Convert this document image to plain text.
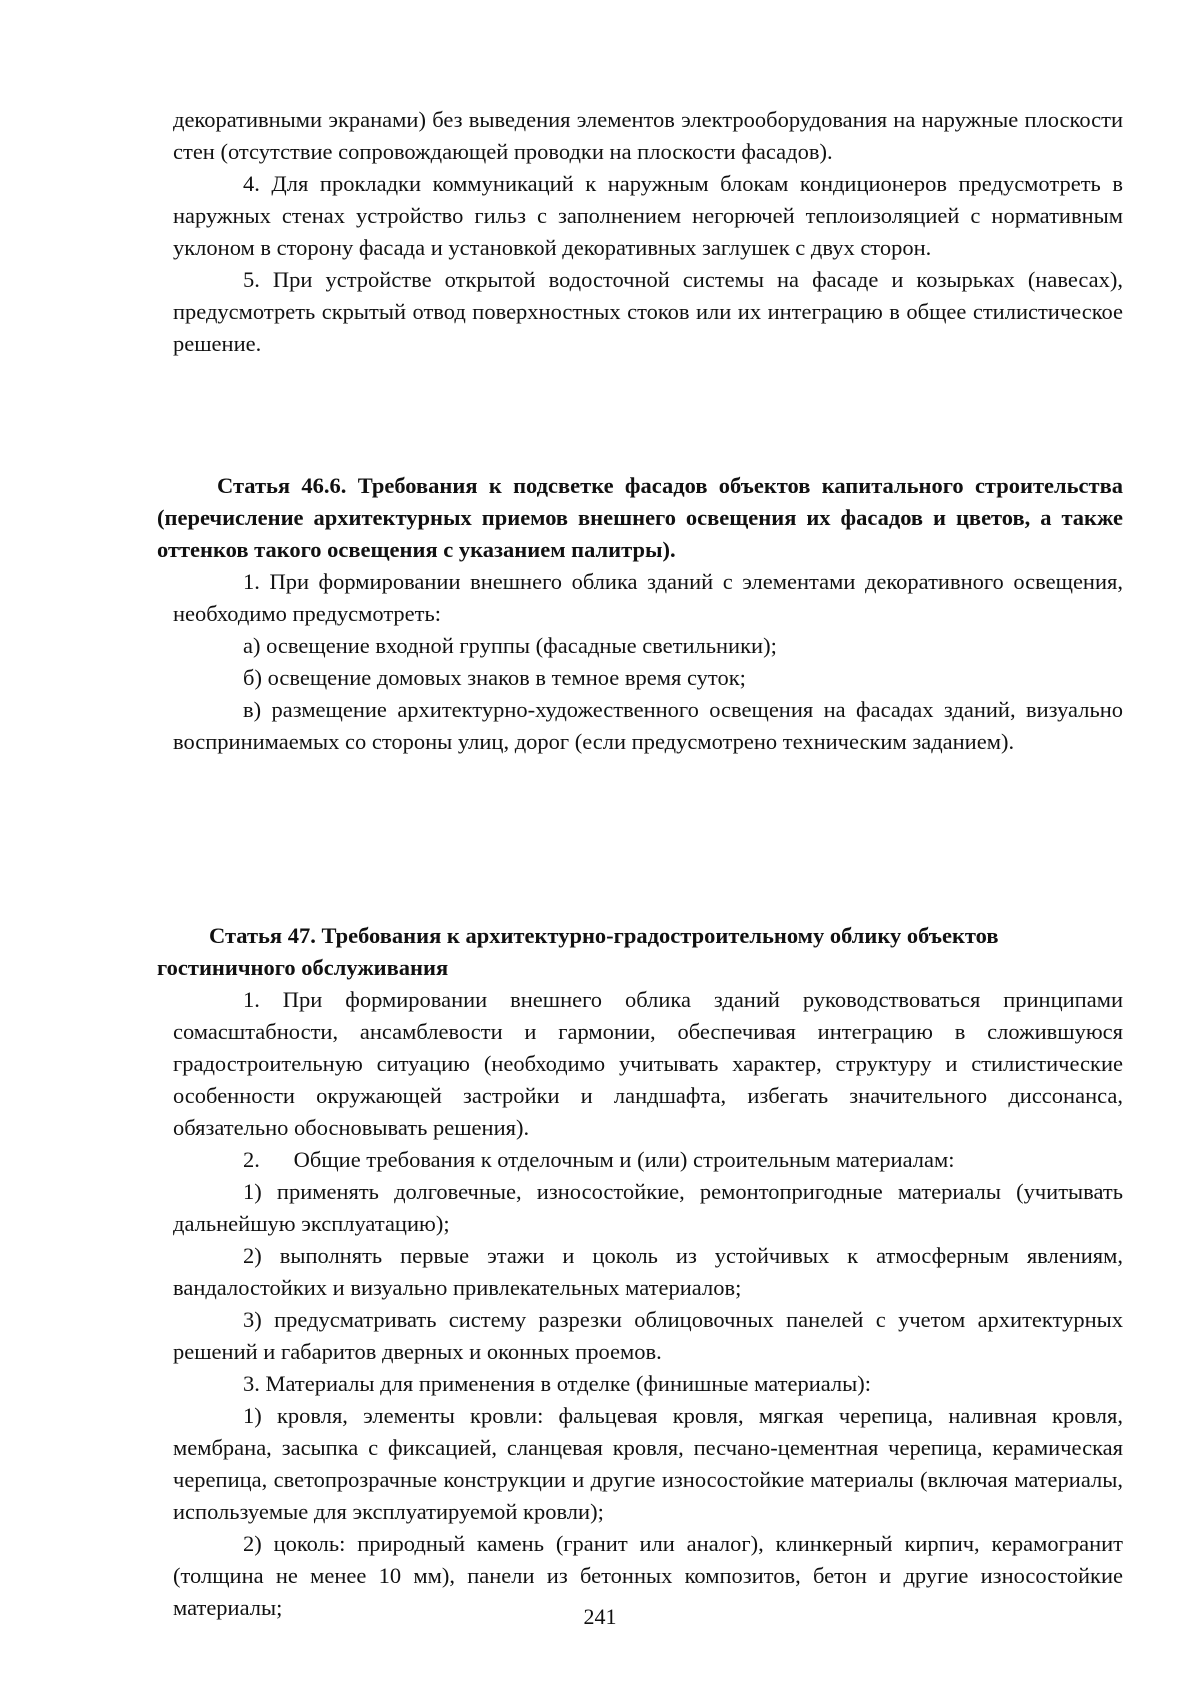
декоративными экранами) без выведения элементов электрооборудования на наружные плоскости стен (отсутствие сопровождающей проводки на плоскости фасадов).

4. Для прокладки коммуникаций к наружным блокам кондиционеров предусмотреть в наружных стенах устройство гильз с заполнением негорючей теплоизоляцией с нормативным уклоном в сторону фасада и установкой декоративных заглушек с двух сторон.

5. При устройстве открытой водосточной системы на фасаде и козырьках (навесах), предусмотреть скрытый отвод поверхностных стоков или их интеграцию в общее стилистическое решение.

Статья 46.6. Требования к подсветке фасадов объектов капитального строительства (перечисление архитектурных приемов внешнего освещения их фасадов и цветов, а также оттенков такого освещения с указанием палитры).

1. При формировании внешнего облика зданий с элементами декоративного освещения, необходимо предусмотреть:

а) освещение входной группы (фасадные светильники);

б) освещение домовых знаков в темное время суток;

в) размещение архитектурно-художественного освещения на фасадах зданий, визуально воспринимаемых со стороны улиц, дорог (если предусмотрено техническим заданием).

Статья 47. Требования к архитектурно-градостроительному облику объектов гостиничного обслуживания

1. При формировании внешнего облика зданий руководствоваться принципами сомасштабности, ансамблевости и гармонии, обеспечивая интеграцию в сложившуюся градостроительную ситуацию (необходимо учитывать характер, структуру и стилистические особенности окружающей застройки и ландшафта, избегать значительного диссонанса, обязательно обосновывать решения).

2.      Общие требования к отделочным и (или) строительным материалам:

1) применять долговечные, износостойкие, ремонтопригодные материалы (учитывать дальнейшую эксплуатацию);

2) выполнять первые этажи и цоколь из устойчивых к атмосферным явлениям, вандалостойких и визуально привлекательных материалов;

3) предусматривать систему разрезки облицовочных панелей с учетом архитектурных решений и габаритов дверных и оконных проемов.

3. Материалы для применения в отделке (финишные материалы):

1) кровля, элементы кровли: фальцевая кровля, мягкая черепица, наливная кровля, мембрана, засыпка с фиксацией, сланцевая кровля, песчано-цементная черепица, керамическая черепица, светопрозрачные конструкции и другие износостойкие материалы (включая материалы, используемые для эксплуатируемой кровли);

2) цоколь: природный камень (гранит или аналог), клинкерный кирпич, керамогранит (толщина не менее 10 мм), панели из бетонных композитов, бетон и другие износостойкие материалы;	241
